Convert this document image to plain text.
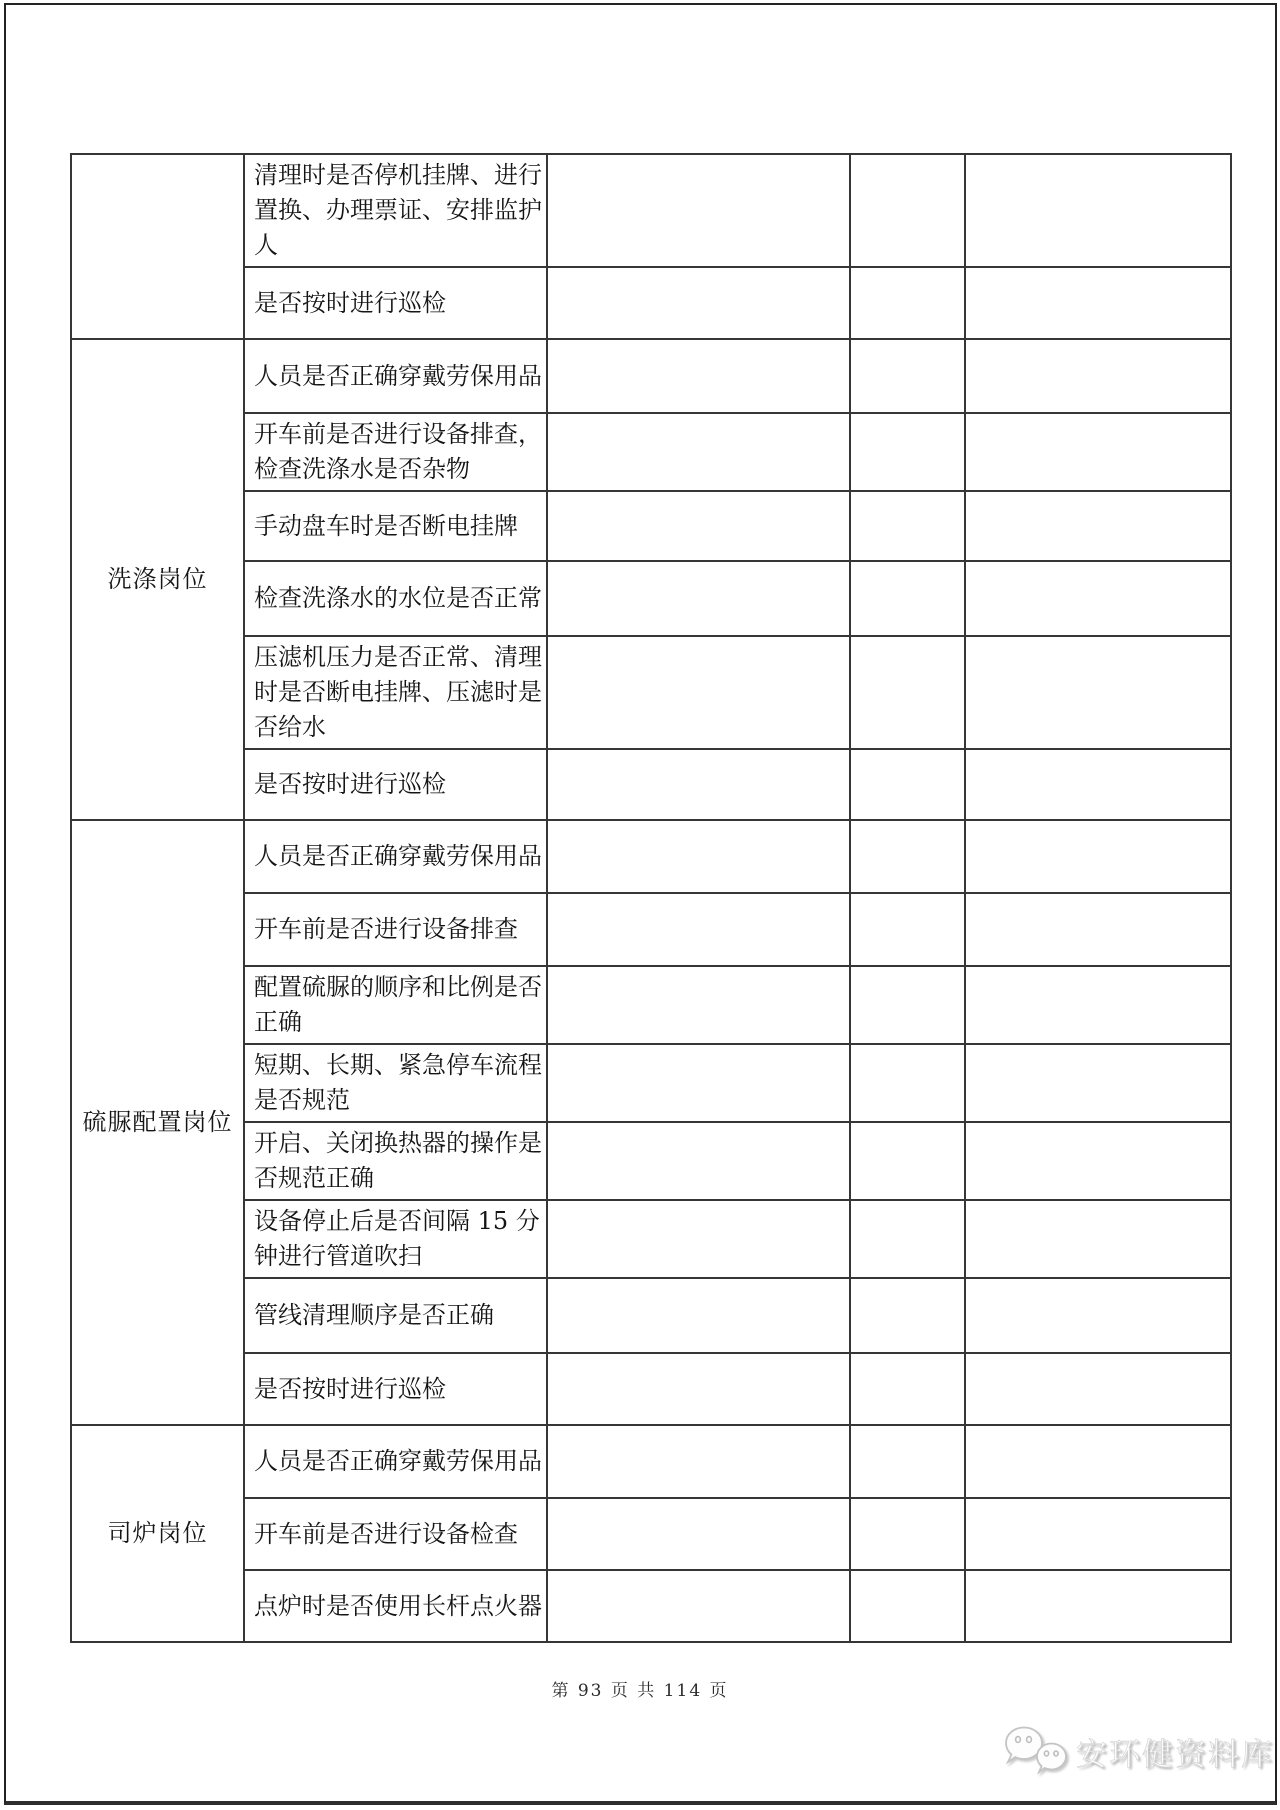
	清理时是否停机挂牌、进行置换、办理票证、安排监护人			
	是否按时进行巡检			
洗涤岗位	人员是否正确穿戴劳保用品			
	开车前是否进行设备排查，检查洗涤水是否杂物			
	手动盘车时是否断电挂牌			
	检查洗涤水的水位是否正常			
	压滤机压力是否正常、清理时是否断电挂牌、压滤时是否给水			
	是否按时进行巡检			
硫脲配置岗位	人员是否正确穿戴劳保用品			
	开车前是否进行设备排查			
	配置硫脲的顺序和比例是否正确			
	短期、长期、紧急停车流程是否规范			
	开启、关闭换热器的操作是否规范正确			
	设备停止后是否间隔 15 分钟进行管道吹扫			
	管线清理顺序是否正确			
	是否按时进行巡检			
司炉岗位	人员是否正确穿戴劳保用品			
	开车前是否进行设备检查			
	点炉时是否使用长杆点火器			
第 93 页 共 114 页
安环健资料库
